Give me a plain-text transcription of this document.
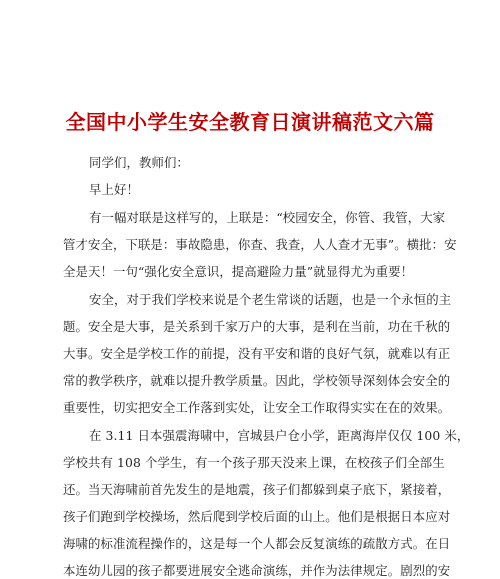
全国中小学生安全教育日演讲稿范文六篇
同学们，教师们：
早上好！
有一幅对联是这样写的，上联是：“校园安全，你管、我管，大家
管才安全，下联是：事故隐患，你查、我查，人人查才无事”。横批：安
全是天！一句“强化安全意识，提高避险力量”就显得尤为重要！
安全，对于我们学校来说是个老生常谈的话题，也是一个永恒的主
题。安全是大事，是关系到千家万户的大事，是利在当前，功在千秋的
大事。安全是学校工作的前提，没有平安和谐的良好气氛，就难以有正
常的教学秩序，就难以提升教学质量。因此，学校领导深刻体会安全的
重要性，切实把安全工作落到实处，让安全工作取得实实在在的效果。
在 3.11 日本强震海啸中，宫城县户仓小学，距离海岸仅仅 100 米，
学校共有 108 个学生，有一个孩子那天没来上课，在校孩子们全部生
还。当天海啸前首先发生的是地震，孩子们都躲到桌子底下，紧接着，
孩子们跑到学校操场，然后爬到学校后面的山上。他们是根据日本应对
海啸的标准流程操作的，这是每一个人都会反复演练的疏散方式。在日
本连幼儿园的孩子都要进展安全逃命演练，并作为法律规定。剧烈的安
